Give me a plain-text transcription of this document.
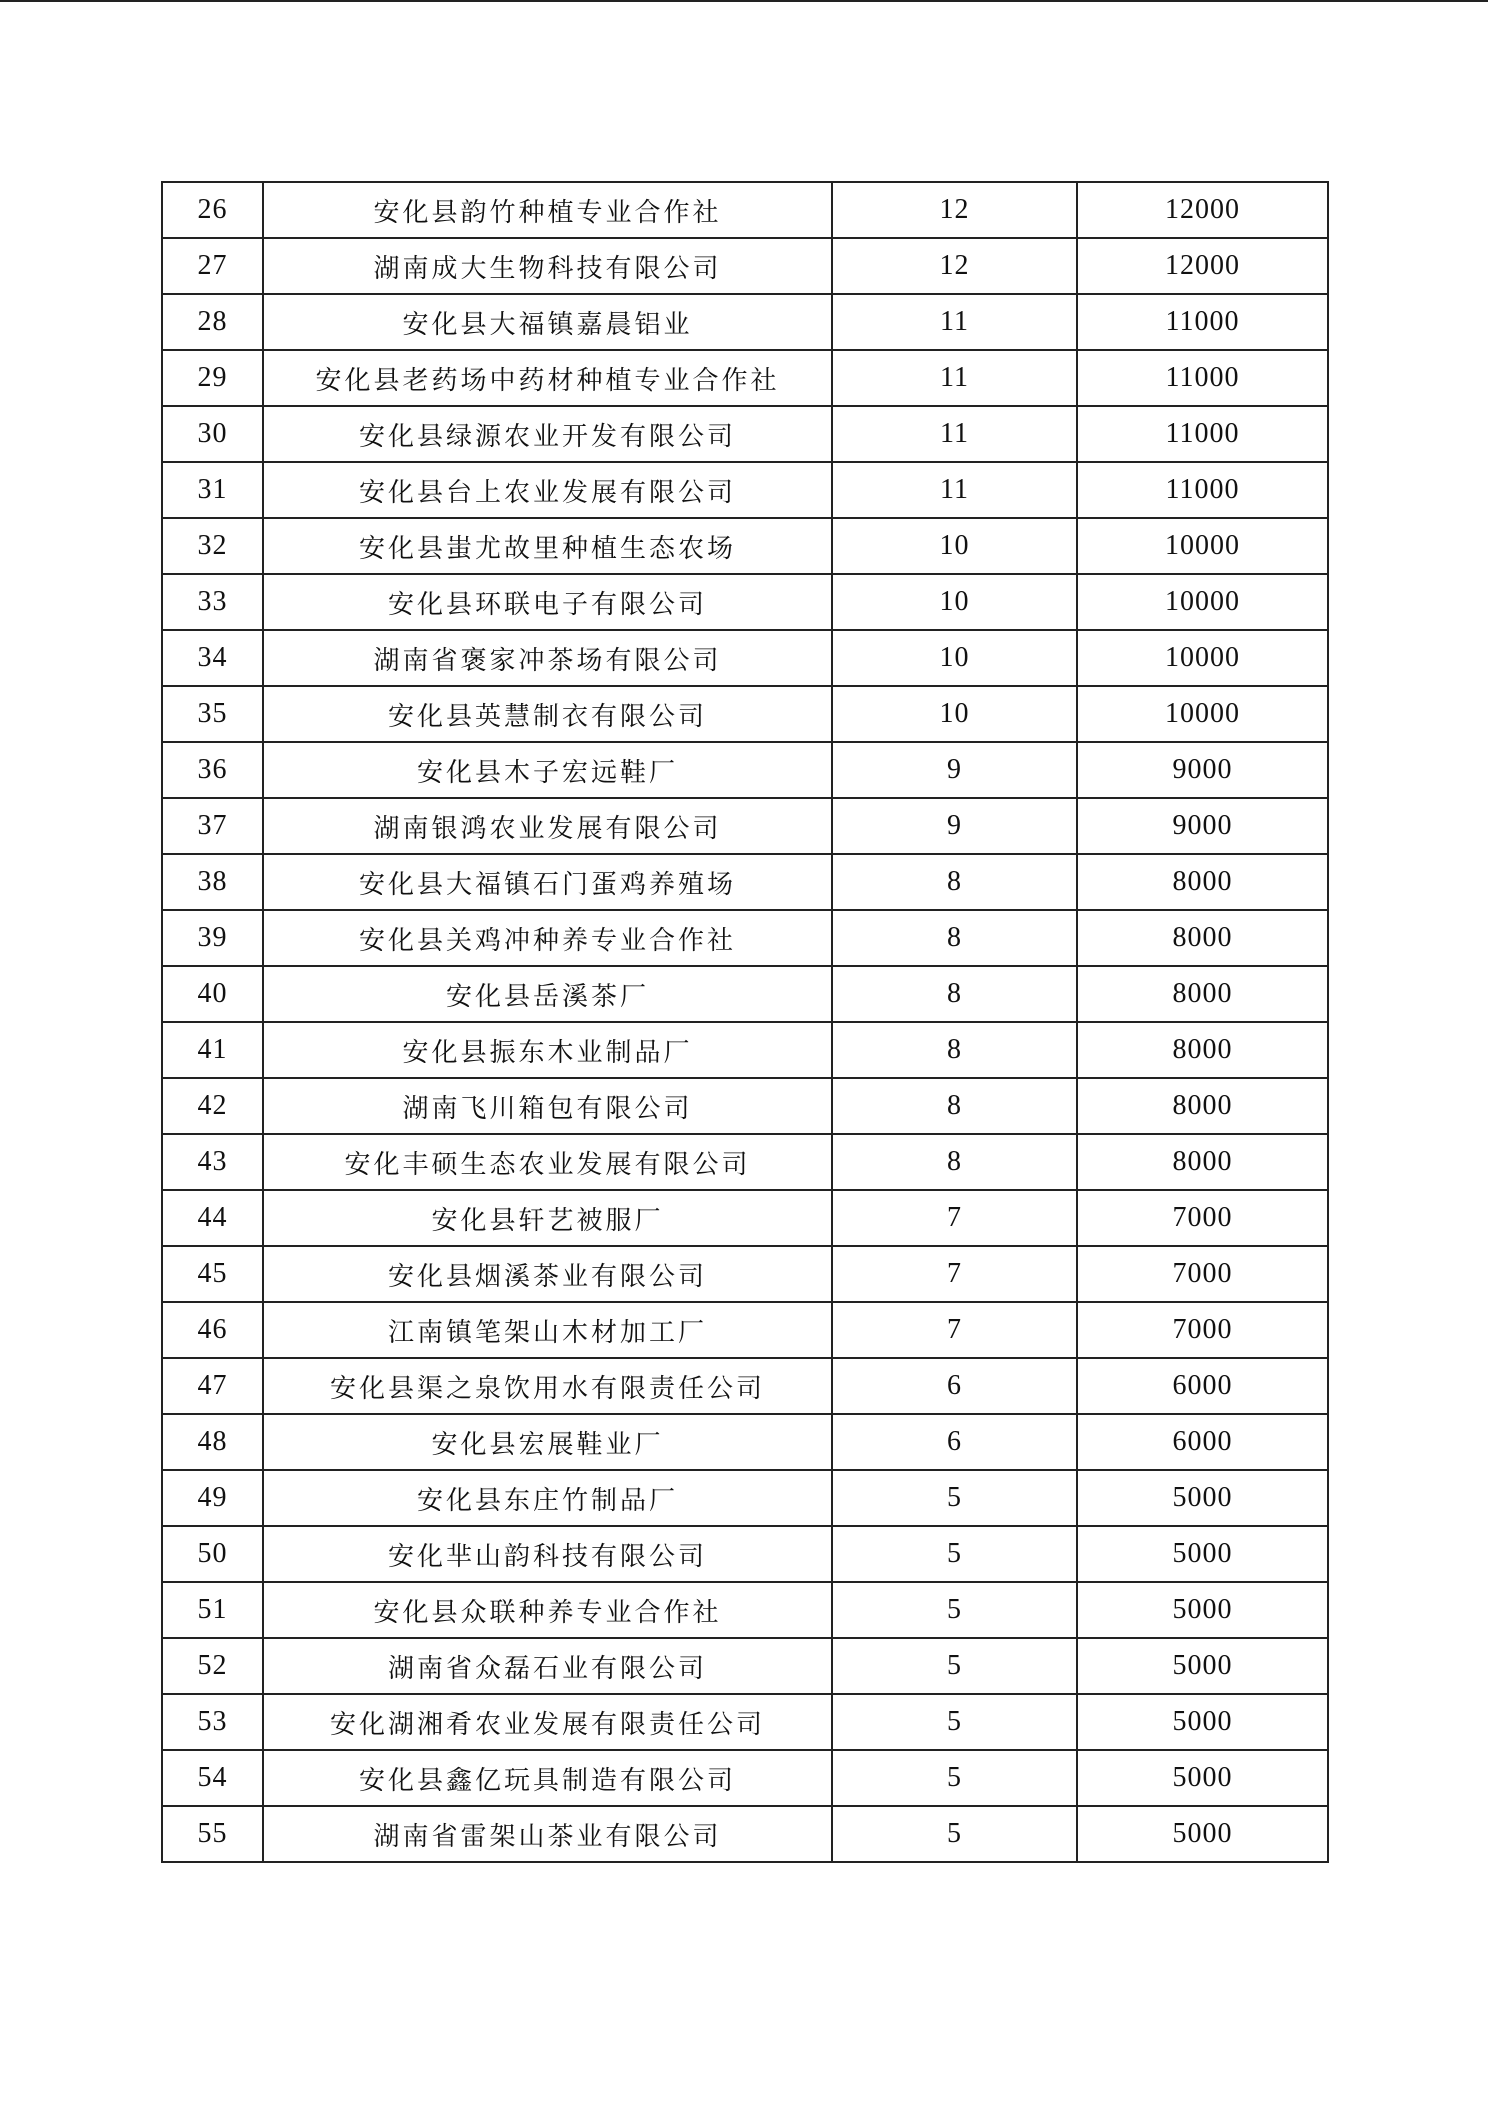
26	安化县韵竹种植专业合作社	12	12000
27	湖南成大生物科技有限公司	12	12000
28	安化县大福镇嘉晨铝业	11	11000
29	安化县老药场中药材种植专业合作社	11	11000
30	安化县绿源农业开发有限公司	11	11000
31	安化县台上农业发展有限公司	11	11000
32	安化县蚩尤故里种植生态农场	10	10000
33	安化县环联电子有限公司	10	10000
34	湖南省褒家冲茶场有限公司	10	10000
35	安化县英慧制衣有限公司	10	10000
36	安化县木子宏远鞋厂	9	9000
37	湖南银鸿农业发展有限公司	9	9000
38	安化县大福镇石门蛋鸡养殖场	8	8000
39	安化县关鸡冲种养专业合作社	8	8000
40	安化县岳溪茶厂	8	8000
41	安化县振东木业制品厂	8	8000
42	湖南飞川箱包有限公司	8	8000
43	安化丰硕生态农业发展有限公司	8	8000
44	安化县轩艺被服厂	7	7000
45	安化县烟溪茶业有限公司	7	7000
46	江南镇笔架山木材加工厂	7	7000
47	安化县渠之泉饮用水有限责任公司	6	6000
48	安化县宏展鞋业厂	6	6000
49	安化县东庄竹制品厂	5	5000
50	安化芈山韵科技有限公司	5	5000
51	安化县众联种养专业合作社	5	5000
52	湖南省众磊石业有限公司	5	5000
53	安化湖湘肴农业发展有限责任公司	5	5000
54	安化县鑫亿玩具制造有限公司	5	5000
55	湖南省雷架山茶业有限公司	5	5000
